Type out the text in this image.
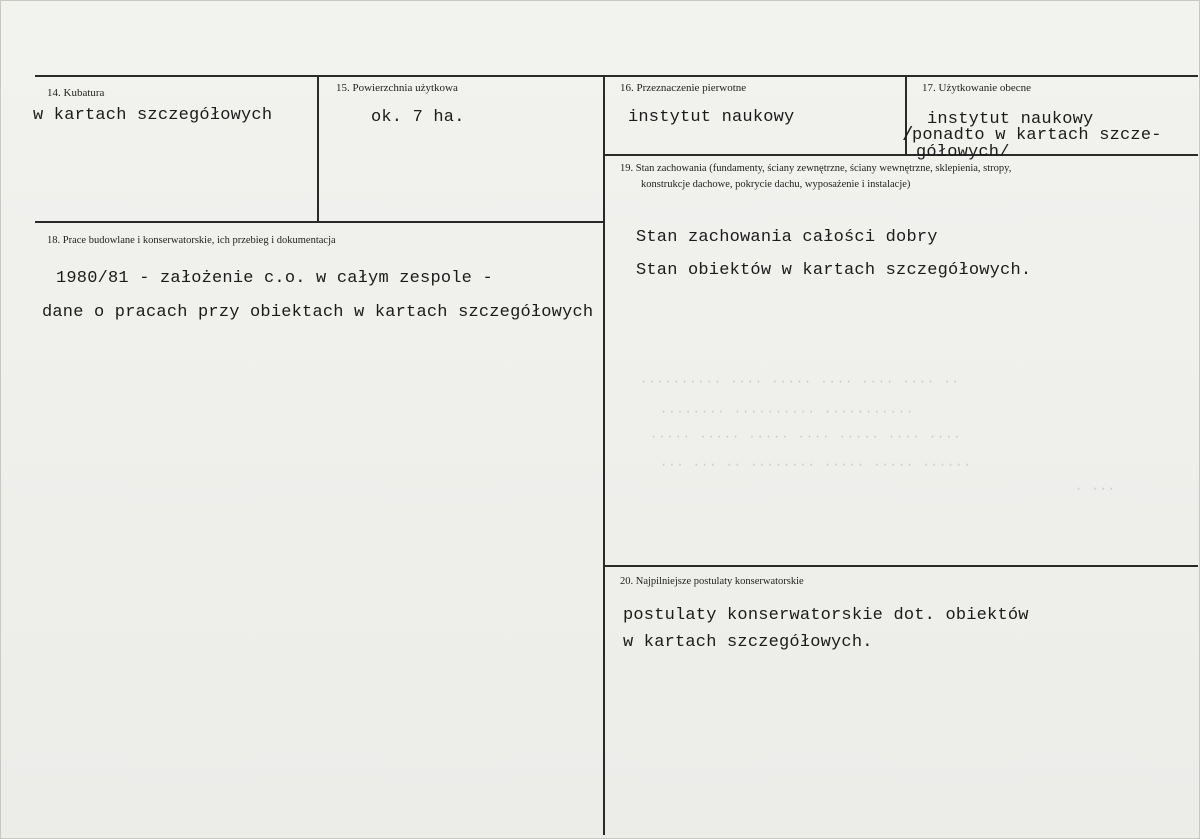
·········· ···· ····· ···· ···· ···· ··
········ ·········· ···········
····· ····· ····· ···· ····· ···· ····
··· ··· ·· ········ ····· ····· ······
· ···
14. Kubatura
w kartach szczegółowych
15. Powierzchnia użytkowa
ok. 7 ha.
16. Przeznaczenie pierwotne
instytut naukowy
17. Użytkowanie obecne
instytut naukowy
/
ponadto w kartach szcze-
gółowych/
18. Prace budowlane i konserwatorskie, ich przebieg i dokumentacja
1980/81 - założenie c.o. w całym zespole -
dane o pracach przy obiektach w kartach szczegółowych
19. Stan zachowania (fundamenty, ściany zewnętrzne, ściany wewnętrzne, sklepienia, stropy,
konstrukcje dachowe, pokrycie dachu, wyposażenie i instalacje)
Stan zachowania całości dobry
Stan obiektów w kartach szczegółowych.
20. Najpilniejsze postulaty konserwatorskie
postulaty konserwatorskie dot. obiektów
w kartach szczegółowych.
